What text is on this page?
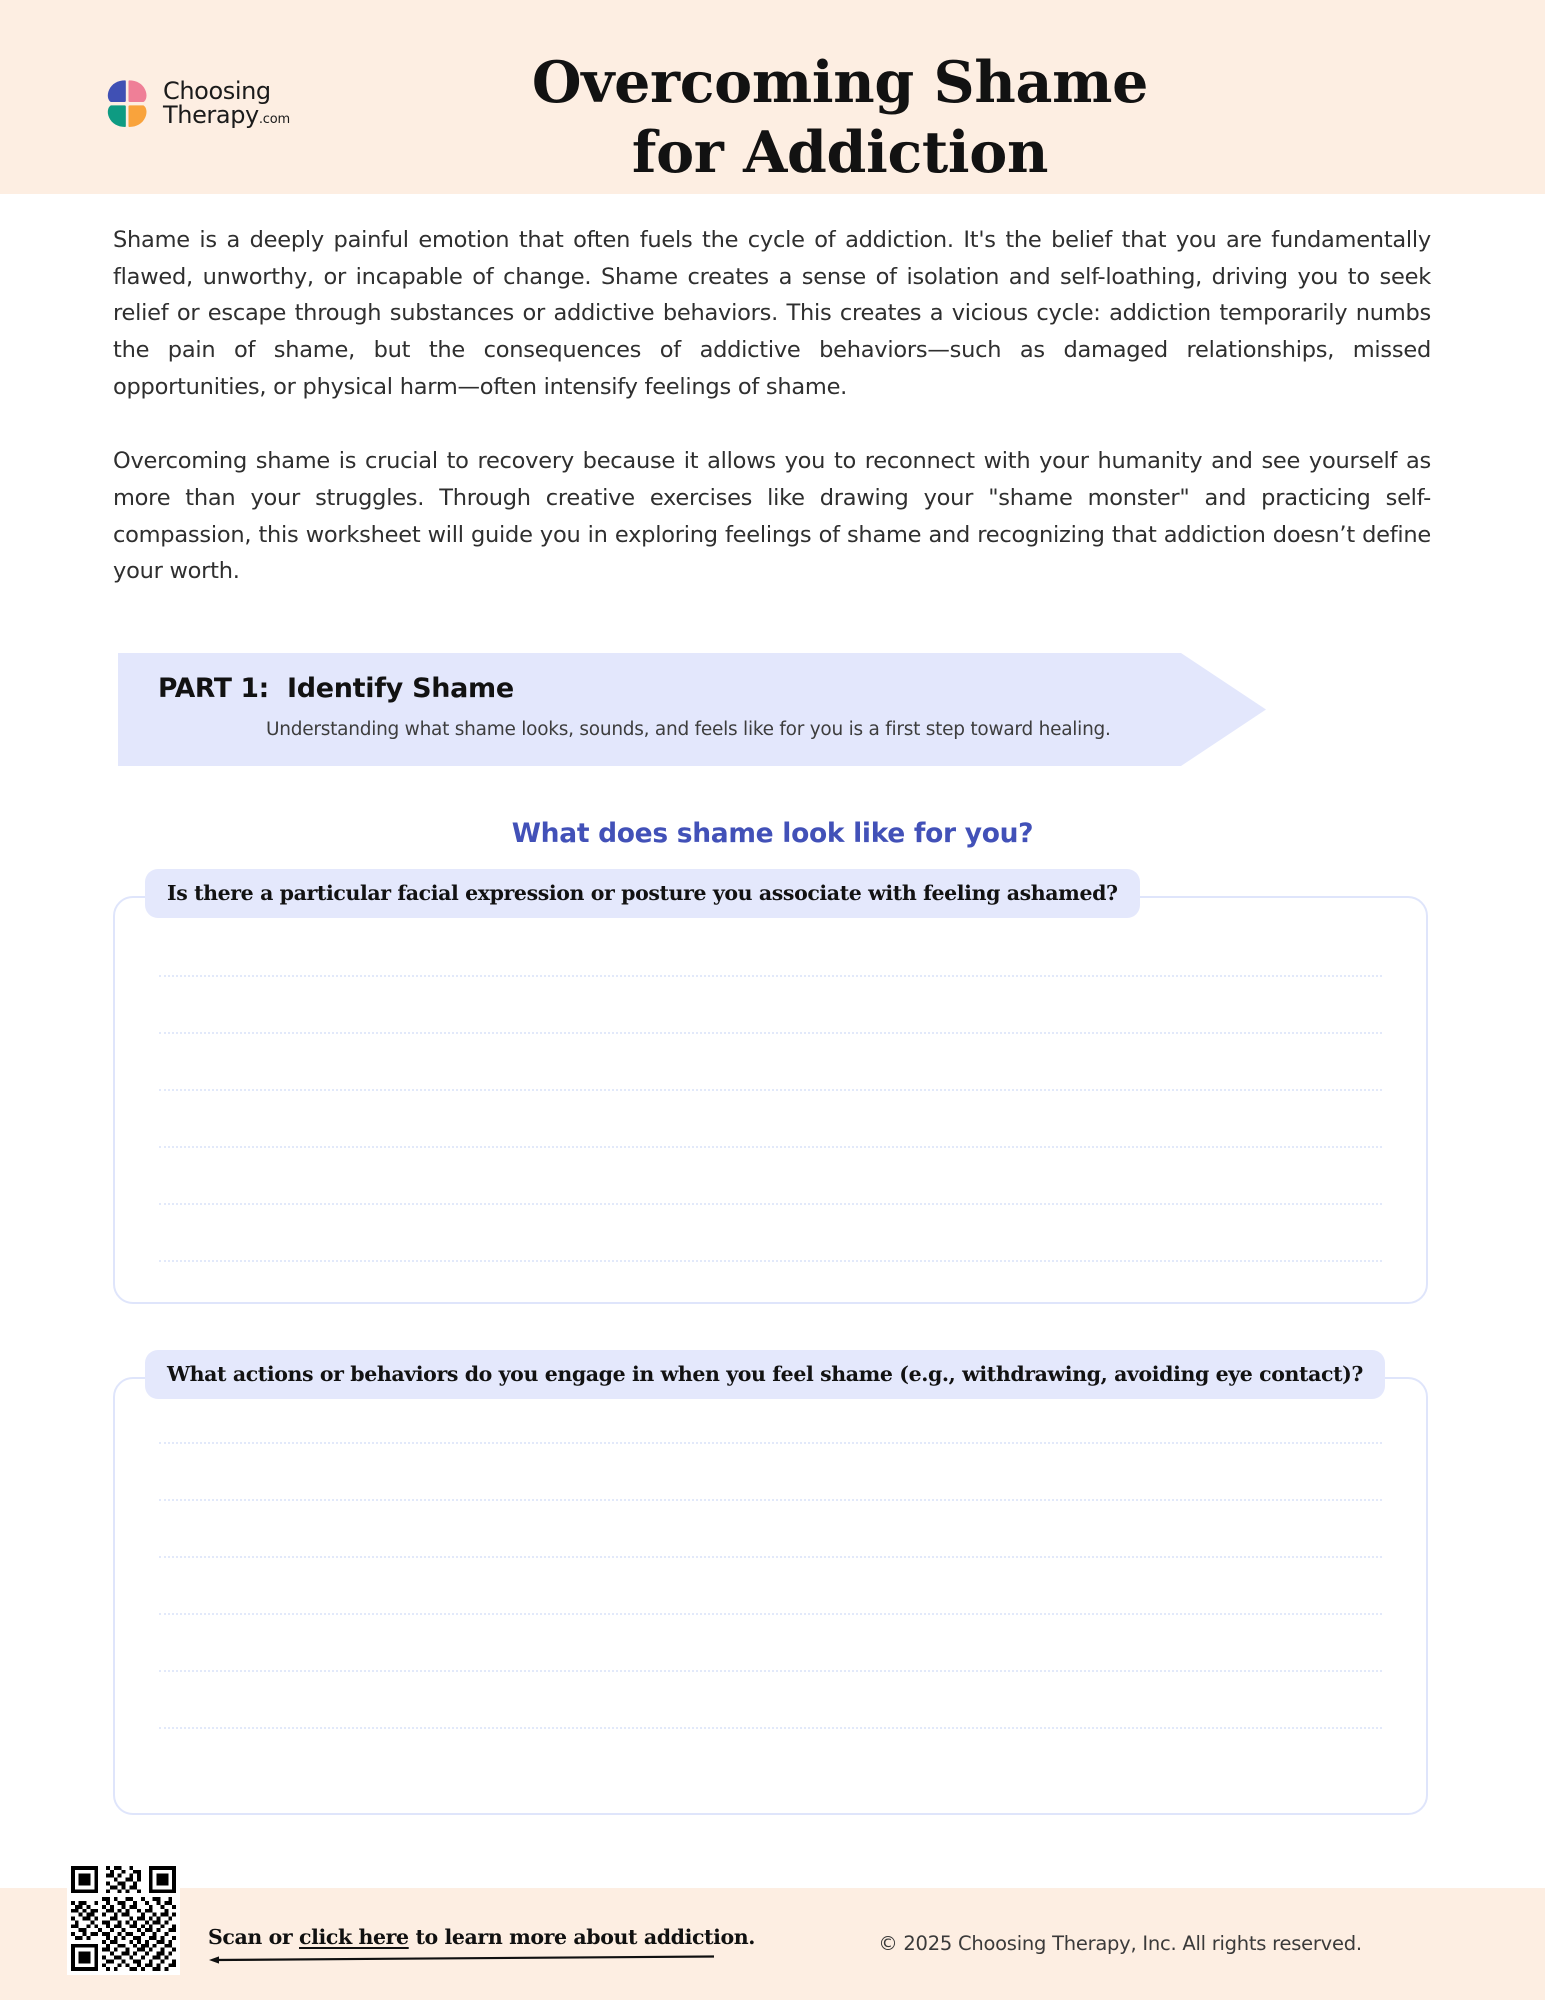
Choosing
Therapy .com
Overcoming Shame
for Addiction

Shame is a deeply painful emotion that often fuels the cycle of addiction. It's the belief that you are fundamentally flawed, unworthy, or incapable of change. Shame creates a sense of isolation and self-loathing, driving you to seek relief or escape through substances or addictive behaviors. This creates a vicious cycle: addiction temporarily numbs the pain of shame, but the consequences of addictive behaviors—such as damaged relationships, missed opportunities, or physical harm—often intensify feelings of shame.

Overcoming shame is crucial to recovery because it allows you to reconnect with your humanity and see yourself as more than your struggles. Through creative exercises like drawing your "shame monster" and practicing self-compassion, this worksheet will guide you in exploring feelings of shame and recognizing that addiction doesn’t define your worth.

PART 1: Identify Shame
Understanding what shame looks, sounds, and feels like for you is a first step toward healing.
What does shame look like for you?
Is there a particular facial expression or posture you associate with feeling ashamed?
What actions or behaviors do you engage in when you feel shame (e.g., withdrawing, avoiding eye contact)?
Scan or click here to learn more about addiction.	© 2025 Choosing Therapy, Inc. All rights reserved.
